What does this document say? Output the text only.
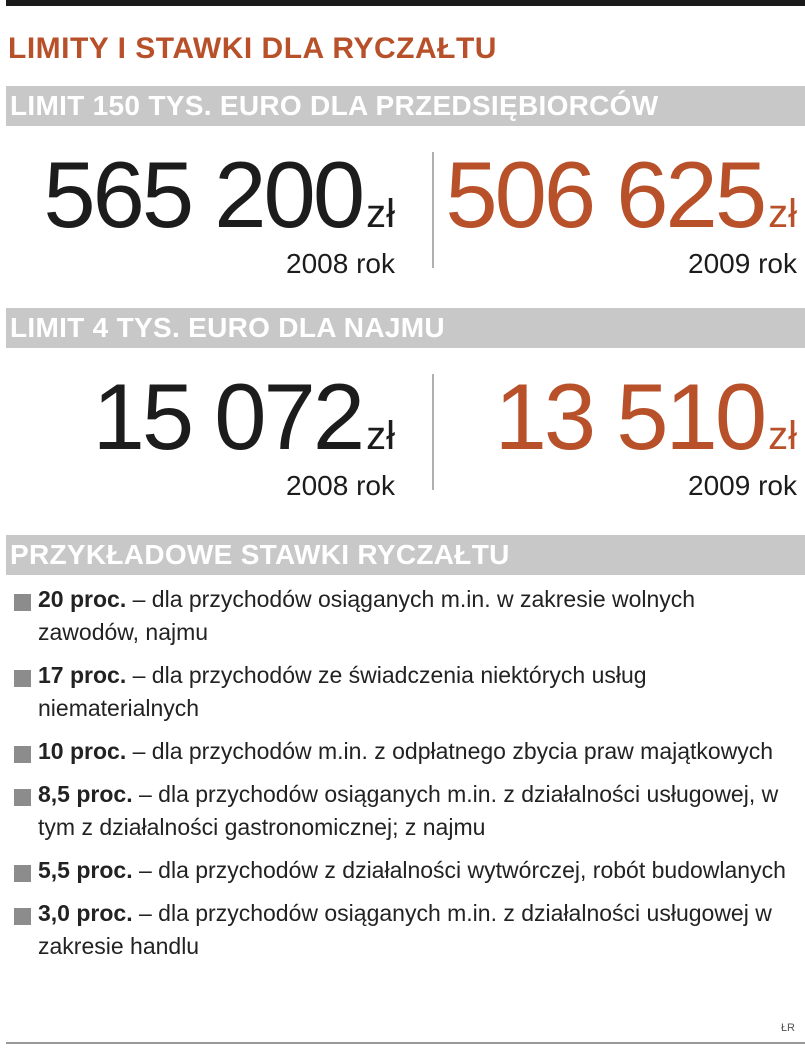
LIMITY I STAWKI DLA RYCZAŁTU
LIMIT 150 TYS. EURO DLA PRZEDSIĘBIORCÓW
565 200 zł
2008 rok
506 625 zł
2009 rok
LIMIT 4 TYS. EURO DLA NAJMU
15 072 zł
2008 rok
13 510 zł
2009 rok
PRZYKŁADOWE STAWKI RYCZAŁTU
20 proc. – dla przychodów osiąganych m.in. w zakresie wolnych zawodów, najmu
17 proc. – dla przychodów ze świadczenia niektórych usług niematerialnych
10 proc. – dla przychodów m.in. z odpłatnego zbycia praw majątkowych
8,5 proc. – dla przychodów osiąganych m.in. z działalności usługowej, w tym z działalności gastronomicznej; z najmu
5,5 proc. – dla przychodów z działalności wytwórczej, robót budowlanych
3,0 proc. – dla przychodów osiąganych m.in. z działalności usługowej w zakresie handlu
ŁR
